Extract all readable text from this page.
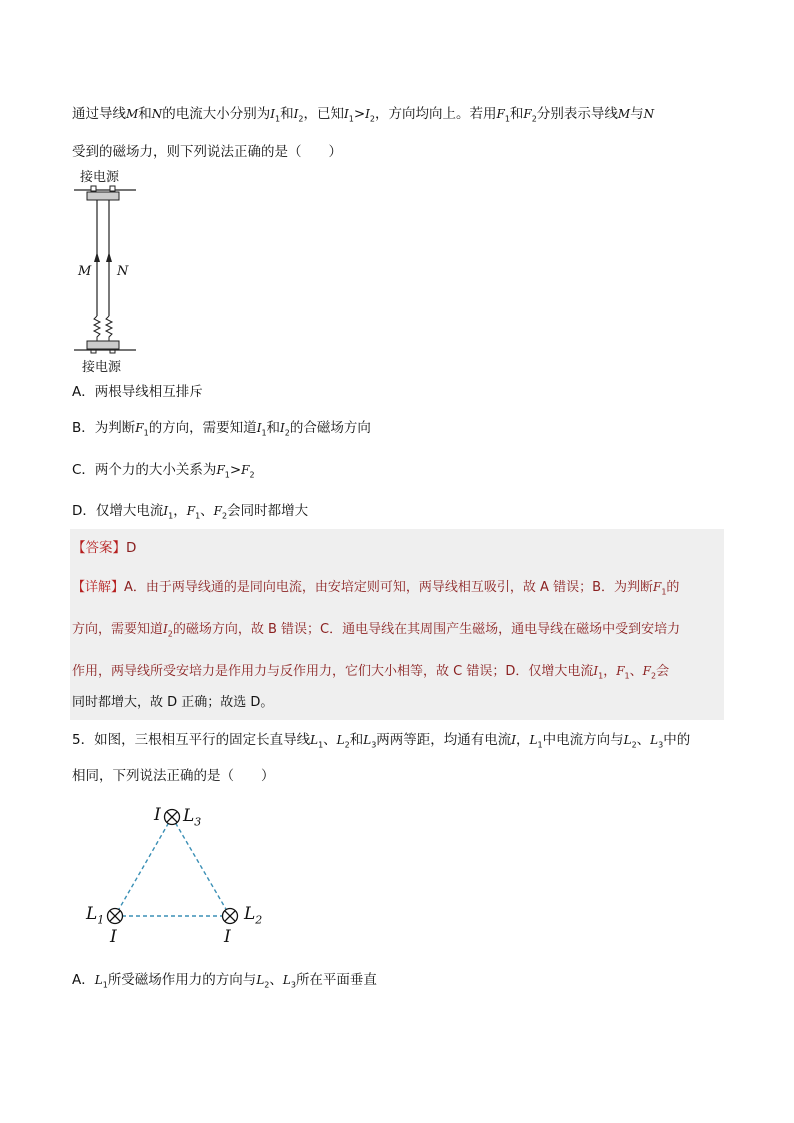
通过导线M和N的电流大小分别为$I_1$和$I_2$，已知$I_1>I_2$，方向均向上。若用$F_1$和$F_2$分别表示导线M与N
受到的磁场力，则下列说法正确的是（　　）
接电源
M N
接电源
A．两根导线相互排斥
B．为判断$F_1$的方向，需要知道$I_1$和$I_2$的合磁场方向
C．两个力的大小关系为$F_1>F_2$
D．仅增大电流$I_1$，$F_1$、$F_2$会同时都增大
【答案】D
【详解】A．由于两导线通的是同向电流，由安培定则可知，两导线相互吸引，故 A 错误；B．为判断$F_1$的
方向，需要知道$I_2$的磁场方向，故 B 错误；C．通电导线在其周围产生磁场，通电导线在磁场中受到安培力
作用，两导线所受安培力是作用力与反作用力，它们大小相等，故 C 错误；D．仅增大电流$I_1$，$F_1$、$F_2$会
同时都增大，故 D 正确；故选 D。
5．如图，三根相互平行的固定长直导线$L_1$、$L_2$和$L_3$两两等距，均通有电流I，$L_1$中电流方向与$L_2$、$L_3$中的
相同，下列说法正确的是（　　）
I $L_3$
$L_1$
I
$L_2$
I
A．$L_1$所受磁场作用力的方向与$L_2$、$L_3$所在平面垂直
